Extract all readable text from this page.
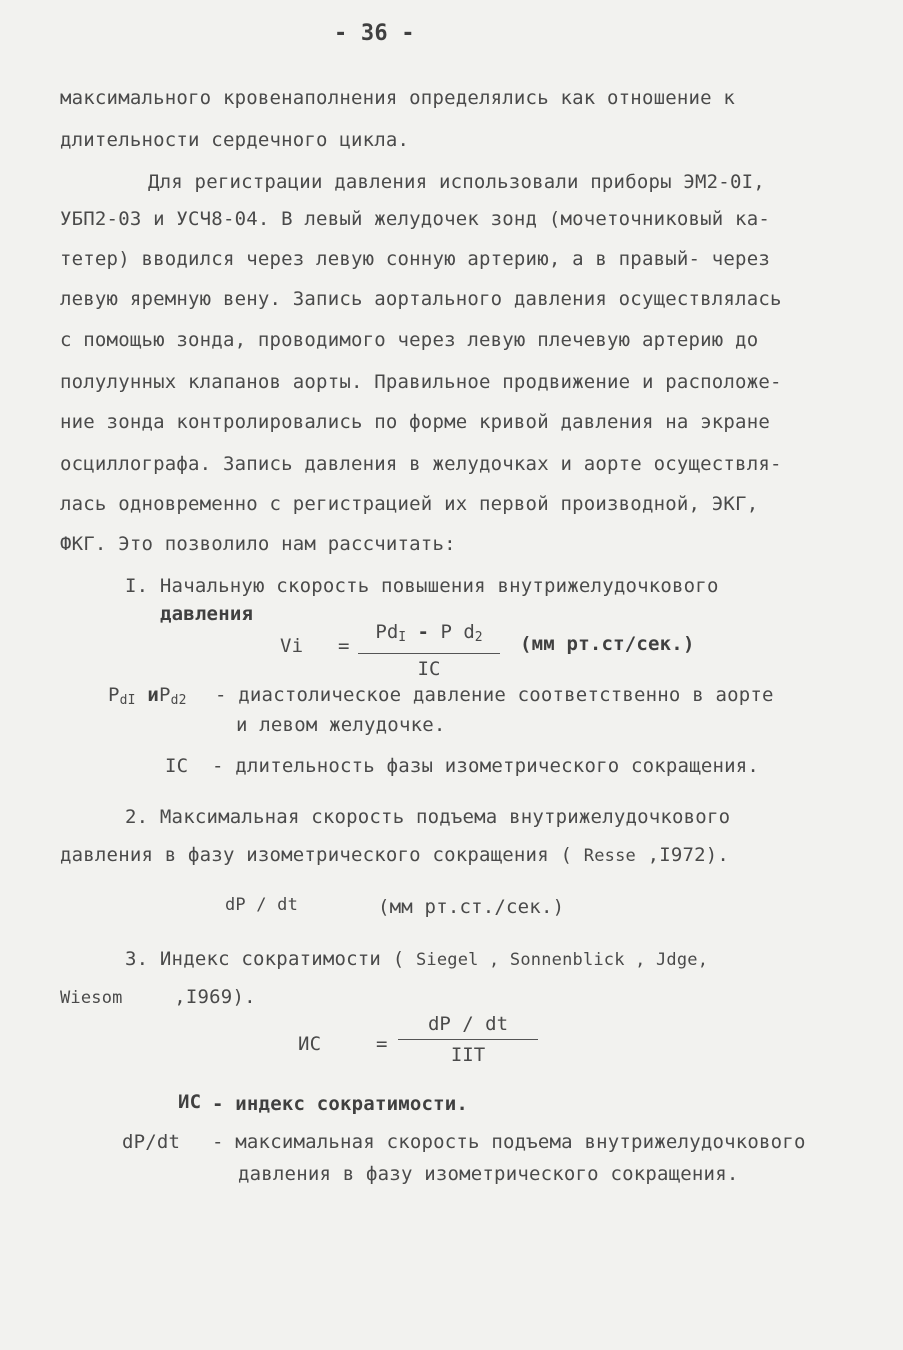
- 36 -
максимального кровенаполнения определялись как отношение к
длительности сердечного цикла.
Для регистрации давления использовали приборы ЭМ2-0I,
УБП2-03 и УСЧ8-04. В левый желудочек зонд (мочеточниковый ка-
тетер) вводился через левую сонную артерию, а в правый- через
левую яремную вену. Запись аортального давления осуществлялась
с помощью зонда, проводимого через левую плечевую артерию до
полулунных клапанов аорты. Правильное продвижение и расположе-
ние зонда контролировались по форме кривой давления на экране
осциллографа. Запись давления в желудочках и аорте осуществля-
лась одновременно с регистрацией их первой производной, ЭКГ,
ФКГ. Это позволило нам рассчитать:
I. Начальную скорость повышения внутрижелудочкового
давления
Vi =
$Pd_I$ - P $d_2$
IC
(мм рт.ст/сек.)
$P_{dI}$ $иP_{d2}$ - диастолическое давление соответственно в аорте
и левом желудочке.
IC - длительность фазы изометрического сокращения.
2. Максимальная скорость подъема внутрижелудочкового
давления в фазу изометрического сокращения ( Resse ,I972).
dP / dt	(мм рт.ст./сек.)
3. Индекс сократимости ( Siegel , Sonnenblick , Jdge,
Wiesom	,I969).
ИС	=
dP / dt
IIT
ИС - индекс сократимости.
dP/dt - максимальная скорость подъема внутрижелудочкового
давления в фазу изометрического сокращения.
